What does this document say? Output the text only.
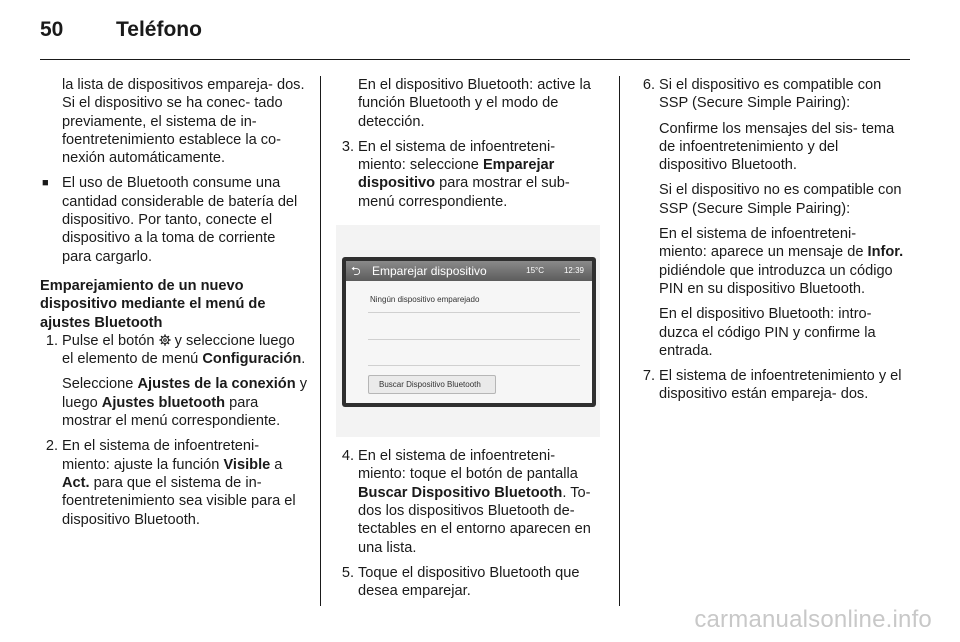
50	Teléfono

la lista de dispositivos empareja- dos. Si el dispositivo se ha conec- tado previamente, el sistema de in- foentretenimiento establece la co- nexión automáticamente.

■ El uso de Bluetooth consume una cantidad considerable de batería del dispositivo. Por tanto, conecte el dispositivo a la toma de corriente para cargarlo.

Emparejamiento de un nuevo dispositivo mediante el menú de ajustes Bluetooth

1. Pulse el botón y seleccione luego el elemento de menú Configuración.

Seleccione Ajustes de la conexión y luego Ajustes bluetooth para mostrar el menú correspondiente.

2. En el sistema de infoentreteni- miento: ajuste la función Visible a Act. para que el sistema de in- foentretenimiento sea visible para el dispositivo Bluetooth.

En el dispositivo Bluetooth: active la función Bluetooth y el modo de detección.

3. En el sistema de infoentreteni- miento: seleccione Emparejar dispositivo para mostrar el sub- menú correspondiente.

⮌ Emparejar dispositivo	15°C 12:39
Ningún dispositivo emparejado
Buscar Dispositivo Bluetooth

4. En el sistema de infoentreteni- miento: toque el botón de pantalla Buscar Dispositivo Bluetooth. To- dos los dispositivos Bluetooth de- tectables en el entorno aparecen en una lista.

5. Toque el dispositivo Bluetooth que desea emparejar.

6. Si el dispositivo es compatible con SSP (Secure Simple Pairing):

Confirme los mensajes del sis- tema de infoentretenimiento y del dispositivo Bluetooth.

Si el dispositivo no es compatible con SSP (Secure Simple Pairing):

En el sistema de infoentreteni- miento: aparece un mensaje de Infor. pidiéndole que introduzca un código PIN en su dispositivo Bluetooth.

En el dispositivo Bluetooth: intro- duzca el código PIN y confirme la entrada.

7. El sistema de infoentretenimiento y el dispositivo están empareja- dos.

carmanualsonline.info
